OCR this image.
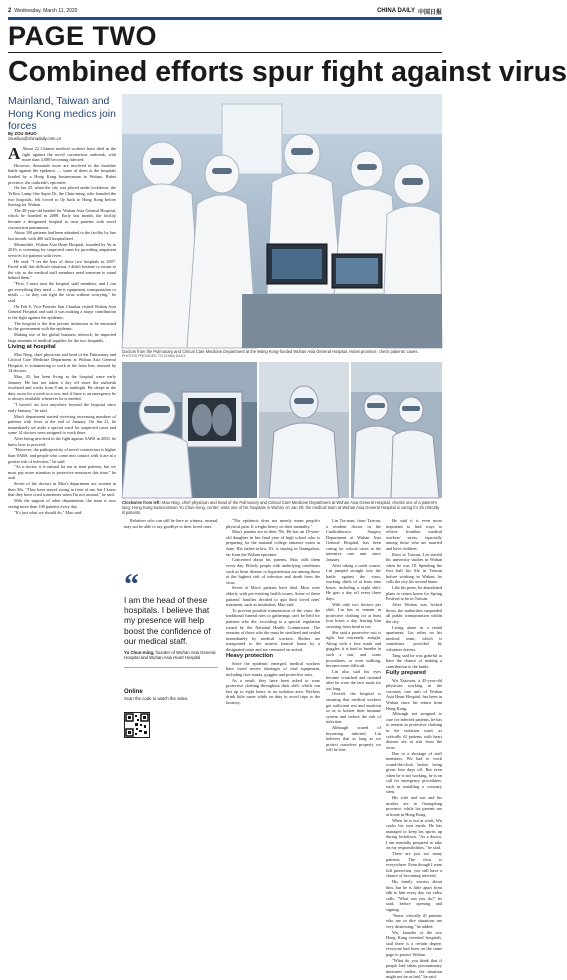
2 Wednesday, March 11, 2020	CHINA DAILY 中国日报
PAGE TWO
Combined efforts spur fight against virus
Mainland, Taiwan and Hong Kong medics join forces
By ZOU SHUO
zoushuo@chinadaily.com.cn

A About 22 Chinese medical workers have died in the fight against the novel coronavirus outbreak, with more than 3,000 becoming infected.

However, thousands more are involved in the frontline battle against the epidemic — some of them at the hospitals funded by a Hong Kong businessman in Wuhan, Hubei province, the outbreak's epicenter.

On Jan 25, when the city was placed under lockdown, the Yellow Lamp One Super Dr, the Chun-ming, who founded the two hospitals, felt forced to fly back to Hong Kong before leaving for Wuhan.

The 40-year-old headed for Wuhan Asia General Hospital, which he founded in 2008. Early last month, the facility became a designated hospital to treat patients with novel coronavirus pneumonia.

About 100 patients had been admitted to the facility by late last month, with 400 still hospitalized.

Meanwhile, Wuhan Asia Heart Hospital, founded by Yu in 2016, is screening for suspected cases by providing outpatient services for patients with fever.

He said: "I set the bars of these two hospitals in 2007. Faced with this difficult situation, I didn't hesitate to return to the city as the medical staff members need someone to stand behind them."

"First, I must trust the hospital staff members, and I can get everything they need — be it equipment, transportation or meals — so they can fight the virus without worrying," he said.

On Feb 8, Vice-Premier Sun Chunlan visited Wuhan Asia General Hospital and said it was making a major contribution to the fight against the epidemic.

The hospital is the first private institution to be entrusted by the government with the epidemic.

Making use of his global business network, he imported large amounts of medical supplies for the two hospitals.

Living at hospital

Mao Ning, chief physician and head of the Pulmonary and Critical Care Medicine Department at Wuhan Asia General Hospital, is volunteering to work at the front line, assisted by 14 doctors.

Mao, 45, has been living at the hospital since early January. He has not taken a day off since the outbreak escalated and works from 8 am to midnight. He sleeps in the duty room for a week in a row, and if there is an emergency he is always available whenever he is needed.

"I haven't set foot anywhere beyond the hospital since early January," he said.

Mao's department started receiving increasing numbers of patients with fever at the end of January. On Jan 21, he immediately set aside a special ward for suspected cases and some 14 doctors were assigned to work there.

After being involved in the fight against SARS in 2003, he knew how to proceed.

"However, the pathogenicity of novel coronavirus is higher than SARS, and people who come into contact with it are at a greater risk of infection," he said.

"As a doctor, it is natural for me to treat patients, but we must pay more attention to protective measures this time," he said.

Seven of the doctors in Mao's department are women in their 30s. "They have stayed strong in front of me, but I know that they have cried sometimes when I'm not around," he said.

With the support of other departments, the team is now seeing more than 100 patients every day.

"It's just what we should do," Mao said.

Doctors from the Pulmonary and Critical Care Medicine Department at the Wang Kong-funded Wuhan Asia General Hospital, Hubei province, check patients' cases.
PHOTOS PROVIDED TO CHINA DAILY
Clockwise from left: Mao Ning, chief physician and head of the Pulmonary and Critical Care Medicine Department at Wuhan Asia General Hospital, checks one of a patient's lung; Hong Kong businessman Yu Chun-ming, center, visits one of his hospitals in Wuhan on Jan 25; the medical team at Wuhan Asia General Hospital is caring for 25 critically ill patients.

Relatives who can still be here to witness, instead, may not be able to say goodbye to their loved ones.

"The epidemic does not merely mean people's physical pain. It weighs heavy on their mentality."

Mao's parents are in their 70s. He has an 18-year-old daughter in her final year of high school who is preparing for the national college entrance exam in June. His father-in-law, 81, is staying in Guangzhou, far from the Wuhan epicenter.

Concerned about his parents, Mao calls them every day. Elderly people with underlying conditions such as heart disease or hypertension are among those at the highest risk of infection and death from the virus.

Seven of Mao's patients have died. Most were elderly with pre-existing health issues. Some of these patients' families decided to quit their loved ones' treatment, such as intubation, Mao said.

To prevent possible transmission of the virus, the traditional funeral rites or gatherings can't be held for patients who die, according to a special regulation issued by the National Health Commission. The remains of those who die must be sterilized and sealed immediately by medical workers. Bodies are transported to the nearest funeral home by a designated route and are cremated on arrival.

Heavy protection

Since the epidemic emerged, medical workers have faced severe shortages of vital equipment, including face masks, goggles and protective suits.

As a result, they have been asked to wear protective clothing throughout their shift, which can last up to eight hours in an isolation area. Workers drink little water while on duty to avoid trips to the lavatory.

Lin Tsz-man, from Taiwan, a resident doctor in the Cardiothoracic Surgery Department at Wuhan Asia General Hospital, has been caring for critical cases in the intensive care unit since January.

After taking a crash course, Lin jumped straight into the battle against the virus, working shifts of at least nine hours, including a night shift. He gets a day off every three days.

With only two doctors per shift, Lin has to remain in protective clothing for at least four hours a day, leaving him sweating from head to toe.

She said a protective suit is tight, but extremely airtight. Along with a face mask and goggles, it is hard to breathe in such a suit, and some procedures, or even walking, become more difficult.

Lin also said his eyes became scratched and irritated after he wore the face mask for too long.

Overall, the hospital is ensuring that medical workers get sufficient rest and nutrition so as to bolster their immune system and reduce the risk of infection.

Although scared of becoming infected, Lin believes that as long as we protect ourselves properly we will be fine.

He said it is even more important to find ways to relieve frontline medical workers' stress, especially among those who are married and have children.

Born in Taiwan, Lin started his university studies in Wuhan when he was 18. Spending the first half his life in Taiwan before working in Wuhan, he calls the city his second home.

Like his peers, he abandoned plans to return home for Spring Festival to be in Taiwan.

After Wuhan was locked down, the authorities suspended all public transportation within the city.

Living alone in a rental apartment, Lin relies on his medical team, which is sometimes provided by volunteer drivers.

Tang said he was grateful to have the chance of making a contribution to the battle.

Fully prepared

Wu Xiaowen, a 45-year-old physician working in the coronary care unit of Wuhan Asia Heart Hospital, has been in Wuhan since his return from Hong Kong.

Although not assigned to care for infected patients, he has to remain in protective clothing in the isolation ward, as critically ill patients with heart disease are at risk from the virus.

Due to a shortage of staff members, Wu had to work round-the-clock before being given four days off. But even when he is not working, he is on call for emergency procedures, such as installing a coronary stent.

His wife and son and his mother are in Guangdong province, while his parents are at home in Hong Kong.

When he is not at work, Wu cooks his own meals. He has managed to keep his spirits up during lockdown. "As a doctor, I am mentally prepared to take on my responsibilities," he said.

There are just too many patients. The virus is everywhere. Even though I wear full protection, you still have a chance of becoming infected.

His family worries about him, but he is little apart from talk to him every day via video calls. "What can you do?" he said, before opening and signing.

"Some critically ill patients who are in dire situations are very distressing," he added.

Wu, founder of the two Hong Kong invested hospitals, said there is a certain degree, everyone had been on the same page to protect Wuhan.

"What do you think that if people had taken precautionary measures earlier, the situation might not be as bad," he said.

“
I am the head of these hospitals. I believe that my presence will help boost the confidence of our medical staff.
Yu Chun-ming, founder of Wuhan Asia General Hospital and Wuhan Asia Heart Hospital
Online
Scan the code to watch the video.
